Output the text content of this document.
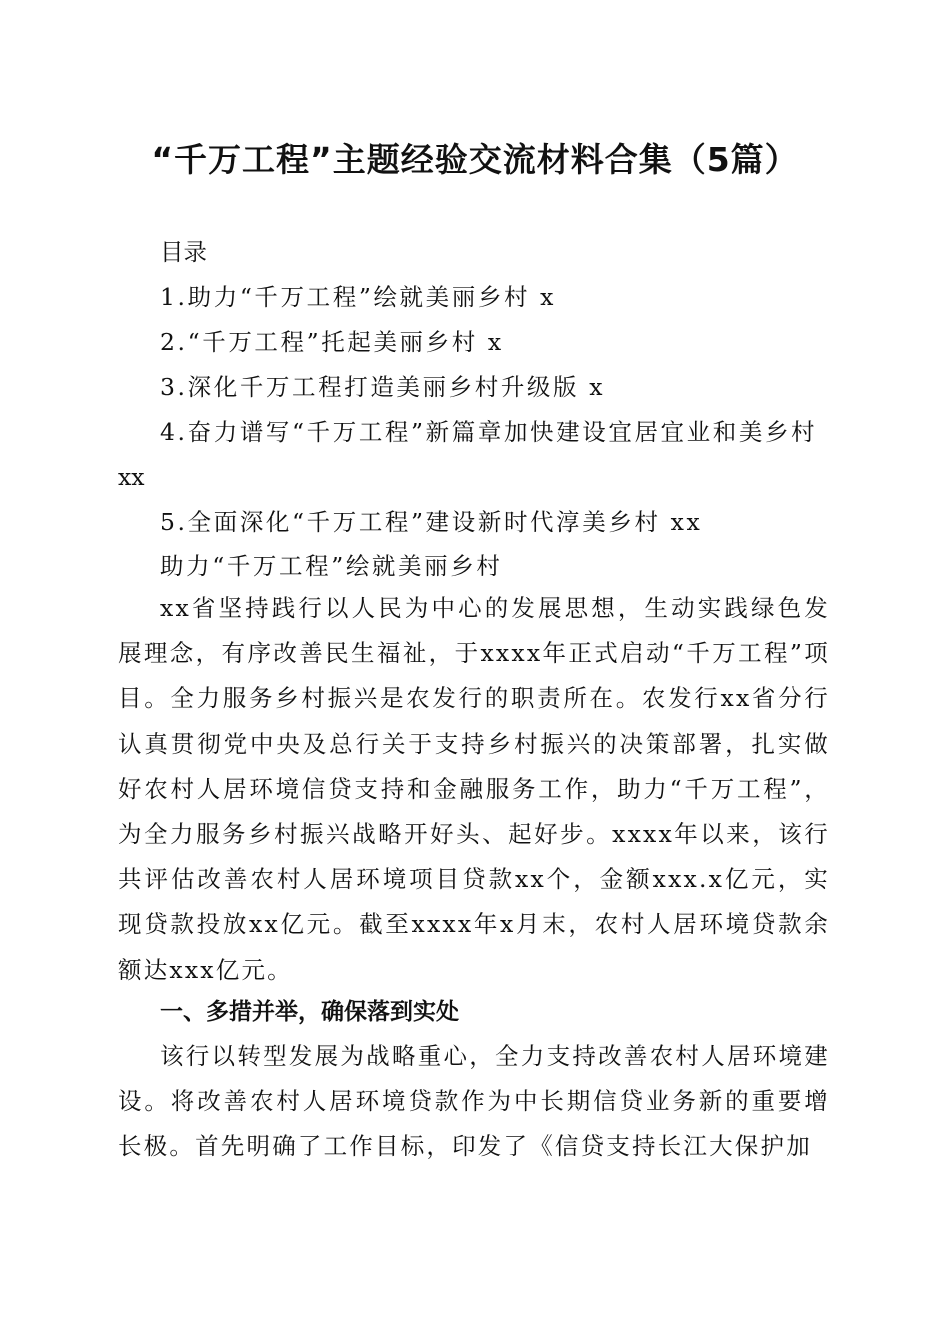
“千万工程”主题经验交流材料合集（5篇）
目录
1.助力“千万工程”绘就美丽乡村 x
2.“千万工程”托起美丽乡村 x
3.深化千万工程打造美丽乡村升级版 x
4.奋力谱写“千万工程”新篇章加快建设宜居宜业和美乡村
xx
5.全面深化“千万工程”建设新时代淳美乡村 xx
助力“千万工程”绘就美丽乡村
xx省坚持践行以人民为中心的发展思想，生动实践绿色发展理念，有序改善民生福祉，于xxxx年正式启动“千万工程”项目。全力服务乡村振兴是农发行的职责所在。农发行xx省分行认真贯彻党中央及总行关于支持乡村振兴的决策部署，扎实做好农村人居环境信贷支持和金融服务工作，助力“千万工程”，为全力服务乡村振兴战略开好头、起好步。xxxx年以来，该行共评估改善农村人居环境项目贷款xx个，金额xxx.x亿元，实现贷款投放xx亿元。截至xxxx年x月末，农村人居环境贷款余额达xxx亿元。
一、多措并举，确保落到实处
该行以转型发展为战略重心，全力支持改善农村人居环境建设。将改善农村人居环境贷款作为中长期信贷业务新的重要增长极。首先明确了工作目标，印发了《信贷支持长江大保护加
